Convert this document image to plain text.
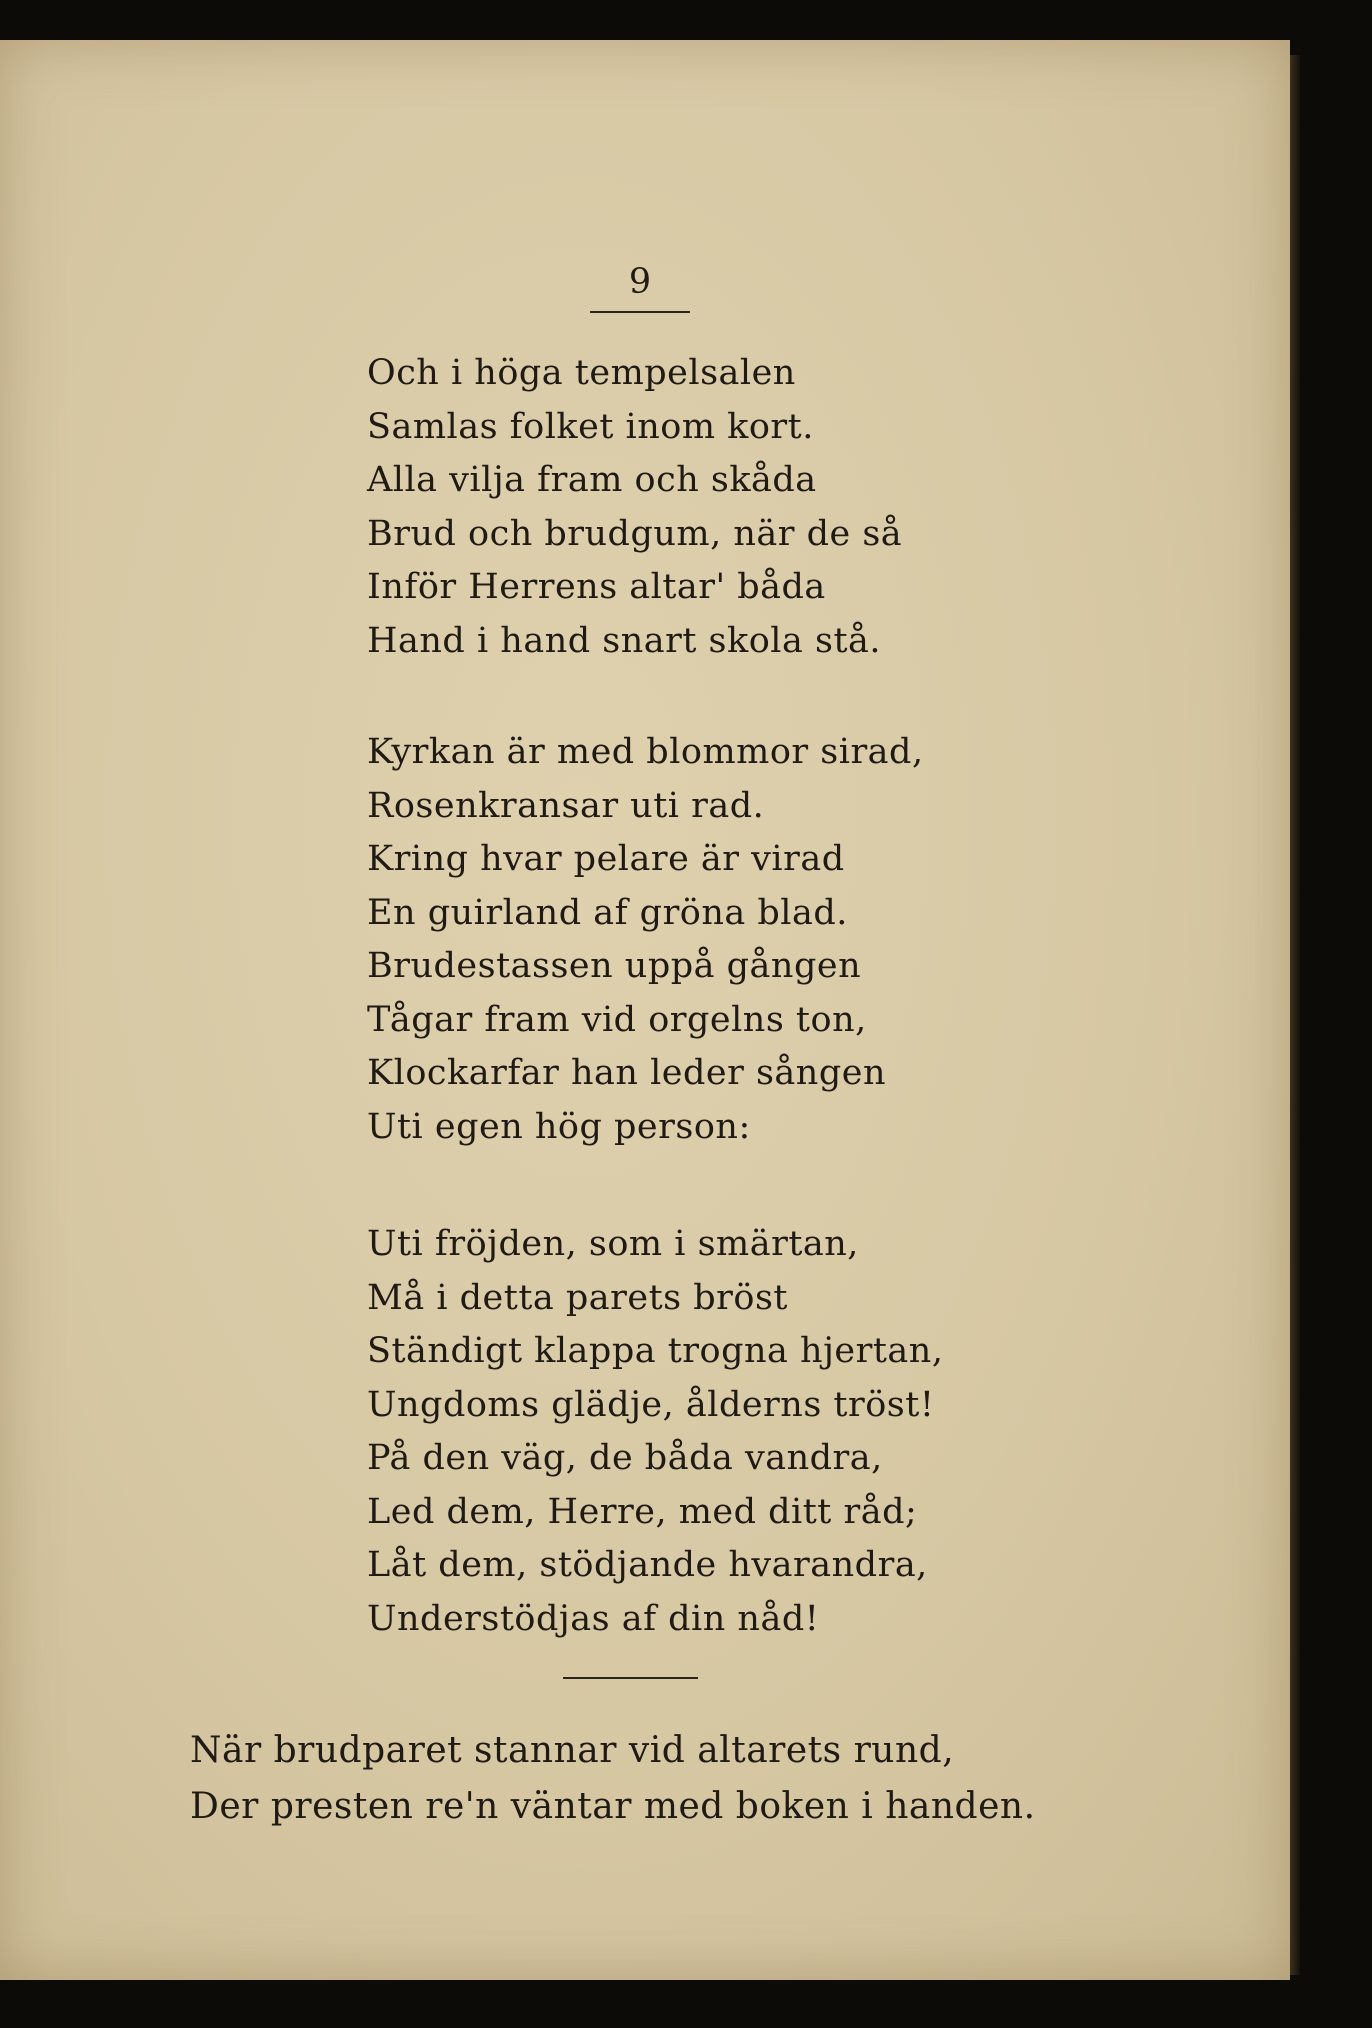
9
Och i höga tempelsalen
Samlas folket inom kort.
Alla vilja fram och skåda
Brud och brudgum, när de så
Inför Herrens altar' båda
Hand i hand snart skola stå.
Kyrkan är med blommor sirad,
Rosenkransar uti rad.
Kring hvar pelare är virad
En guirland af gröna blad.
Brudestassen uppå gången
Tågar fram vid orgelns ton,
Klockarfar han leder sången
Uti egen hög person:
Uti fröjden, som i smärtan,
Må i detta parets bröst
Ständigt klappa trogna hjertan,
Ungdoms glädje, ålderns tröst!
På den väg, de båda vandra,
Led dem, Herre, med ditt råd;
Låt dem, stödjande hvarandra,
Understödjas af din nåd!
När brudparet stannar vid altarets rund,
Der presten re'n väntar med boken i handen.
